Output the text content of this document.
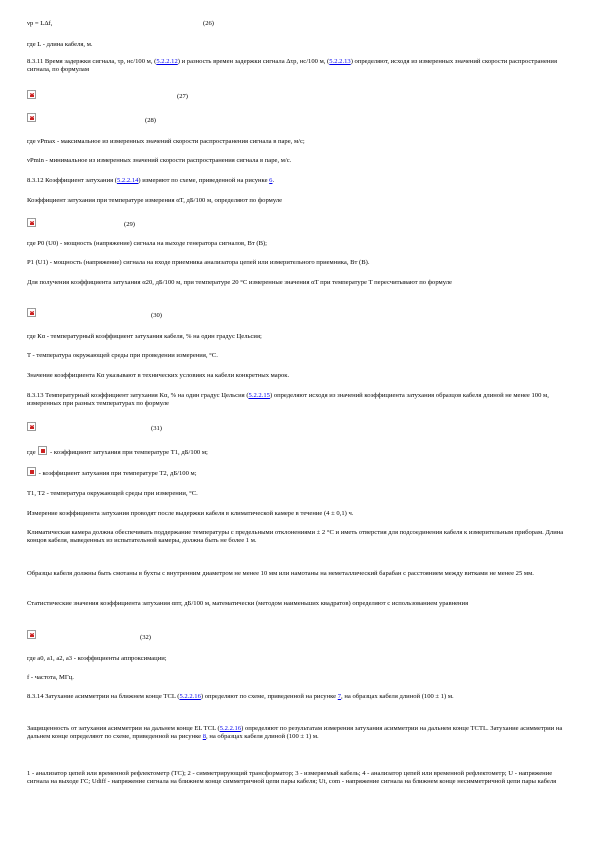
νp = LΔf,	(26)
где L - длина кабеля, м.
8.3.11 Время задержки сигнала, τр, нс/100 м, (5.2.2.12) и разность времен задержки сигнала Δτр, нс/100 м, (5.2.2.13) определяют, исходя из измеренных значений скорости распространения сигнала, по формулам
×
(27)
×
(28)
где νPmax - максимальное из измеренных значений скорости распространения сигнала в паре, м/с;
νPmin - минимальное из измеренных значений скорости распространения сигнала в паре, м/с.
8.3.12 Коэффициент затухания (5.2.2.14) измеряют по схеме, приведенной на рисунке 6.
Коэффициент затухания при температуре измерения αT, дБ/100 м, определяют по формуле
×
(29)
где P0 (U0) - мощность (напряжение) сигнала на выходе генератора сигналов, Вт (В);
P1 (U1) - мощность (напряжение) сигнала на входе приемника анализатора цепей или измерительного приемника, Вт (В).
Для получения коэффициента затухания α20, дБ/100 м, при температуре 20 °С измеренные значения αT при температуре T пересчитывают по формуле
×
(30)
где Кα - температурный коэффициент затухания кабеля, % на один градус Цельсия;
T - температура окружающей среды при проведении измерения, °С.
Значение коэффициента Кα указывают в технических условиях на кабели конкретных марок.
8.3.13 Температурный коэффициент затухания Кα, % на один градус Цельсия (5.2.2.15) определяют исходя из значений коэффициента затухания образцов кабеля длиной не менее 100 м, измеренных при разных температурах по формуле
×
(31)
где - коэффициент затухания при температуре Т1, дБ/100 м;
- коэффициент затухания при температуре Т2, дБ/100 м;
Т1, Т2 - температура окружающей среды при измерении, °С.
Измерение коэффициента затухания проводят после выдержки кабеля в климатической камере в течение (4 ± 0,1) ч.
Климатическая камера должна обеспечивать поддержание температуры с предельными отклонениями ± 2 °С и иметь отверстия для подсоединения кабеля к измерительным приборам. Длина концов кабеля, выведенных из испытательной камеры, должна быть не более 1 м.
Образцы кабеля должны быть смотаны в бухты с внутренним диаметром не менее 10 мм или намотаны на неметаллический барабан с расстоянием между витками не менее 25 мм.
Статистические значения коэффициента затухания αпт, дБ/100 м, математически (методом наименьших квадратов) определяют с использованием уравнения
×
(32)
где a0, a1, a2, a3 - коэффициенты аппроксимации;
f - частота, МГц.
8.3.14 Затухание асимметрии на ближнем конце TCL (5.2.2.16) определяют по схеме, приведенной на рисунке 7, на образцах кабеля длиной (100 ± 1) м.
Защищенность от затухания асимметрии на дальнем конце EL TCL (5.2.2.16) определяют по результатам измерения затухания асимметрии на дальнем конце TCTL. Затухание асимметрии на дальнем конце определяют по схеме, приведенной на рисунке 8, на образцах кабеля длиной (100 ± 1) м.
1 - анализатор цепей или временной рефлектометр (ТС); 2 - симметрирующий трансформатор; 3 - измеряемый кабель; 4 - анализатор цепей или временной рефлектометр; U - напряжение сигнала на выходе ГС; Udiff - напряжение сигнала на ближнем конце симметричной цепи пары кабеля; Ut, com - напряжение сигнала на ближнем конце несимметричной цепи пары кабеля
